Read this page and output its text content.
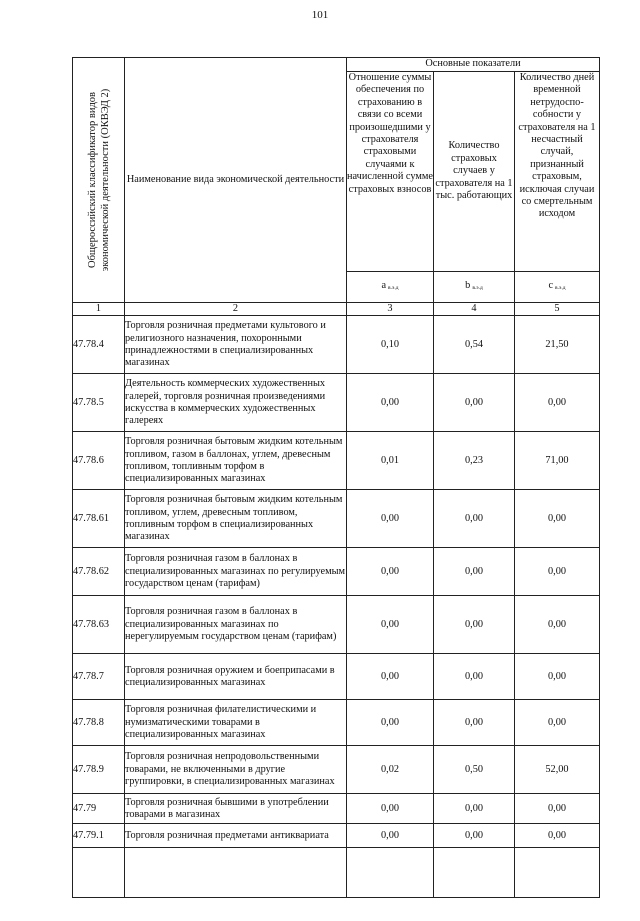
101
Общероссийский классификатор видов экономической деятельности (ОКВЭД 2)	Наименование вида экономической деятельности	Основные показатели		
		Отношение суммы обеспечения по страхованию в связи со всеми произошедшими у страхователя страховыми случаями к начисленной сумме страховых взносов	Количество страховых случаев у страхователя на 1 тыс. работающих	Количество дней временной нетрудоспо-собности у страхователя на 1 несчастный случай, признанный страховым, исключая случаи со смертельным исходом
		a $_{в.э.д}$	b $_{в.э.д}$	c $_{в.э.д}$
1	2	3	4	5
47.78.4	Торговля розничная предметами культового и религиозного назначения, похоронными принадлежностями в специализированных магазинах	0,10	0,54	21,50
47.78.5	Деятельность коммерческих художественных галерей, торговля розничная произведениями искусства в коммерческих художественных галереях	0,00	0,00	0,00
47.78.6	Торговля розничная бытовым жидким котельным топливом, газом в баллонах, углем, древесным топливом, топливным торфом в специализированных магазинах	0,01	0,23	71,00
47.78.61	Торговля розничная бытовым жидким котельным топливом, углем, древесным топливом, топливным торфом в специализированных магазинах	0,00	0,00	0,00
47.78.62	Торговля розничная газом в баллонах в специализированных магазинах по регулируемым государством ценам (тарифам)	0,00	0,00	0,00
47.78.63	Торговля розничная газом в баллонах в специализированных магазинах по нерегулируемым государством ценам (тарифам)	0,00	0,00	0,00
47.78.7	Торговля розничная оружием и боеприпасами в специализированных магазинах	0,00	0,00	0,00
47.78.8	Торговля розничная филателистическими и нумизматическими товарами в специализированных магазинах	0,00	0,00	0,00
47.78.9	Торговля розничная непродовольственными товарами, не включенными в другие группировки, в специализированных магазинах	0,02	0,50	52,00
47.79	Торговля розничная бывшими в употреблении товарами в магазинах	0,00	0,00	0,00
47.79.1	Торговля розничная предметами антиквариата	0,00	0,00	0,00
